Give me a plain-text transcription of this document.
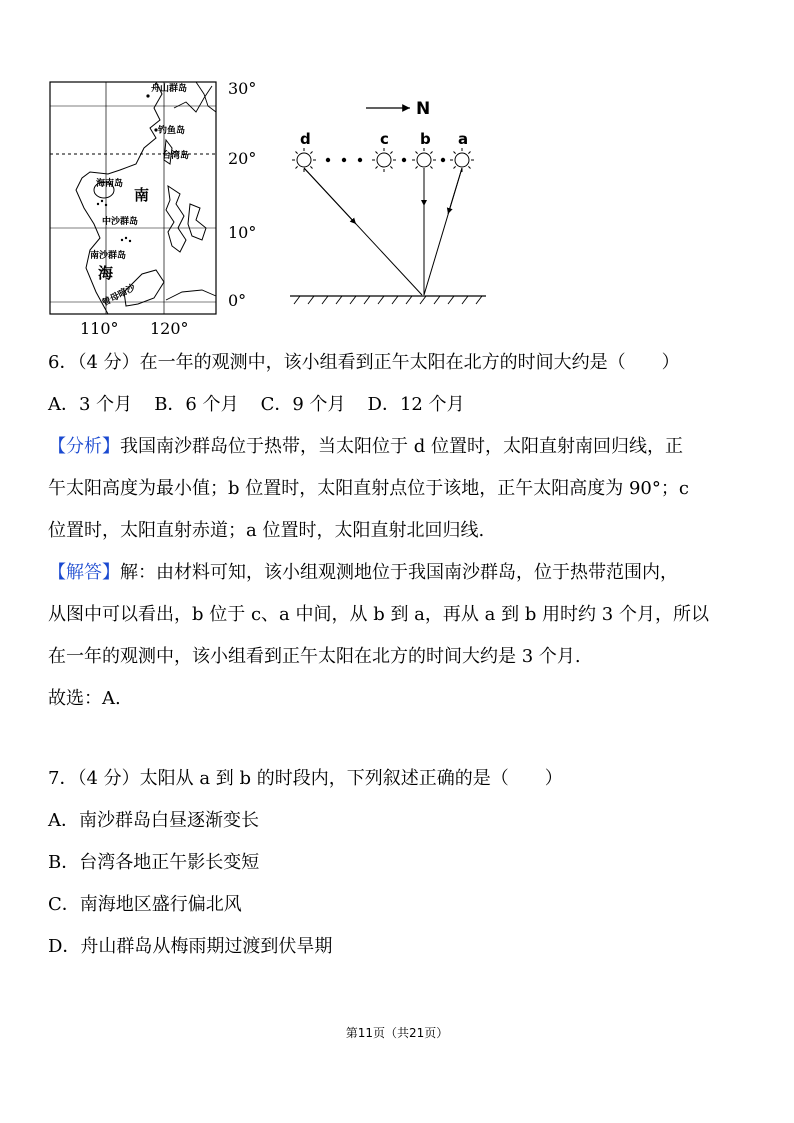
舟山群岛
钓鱼岛
台湾岛
海南岛
南
中沙群岛
南沙群岛
海
曾母暗沙
30°
20°
10°
0°
110° 120°
N
d	c b a
6．（4 分）在一年的观测中，该小组看到正午太阳在北方的时间大约是（　　）
A．3 个月 B．6 个月 C．9 个月 D．12 个月
【分析】我国南沙群岛位于热带，当太阳位于 d 位置时，太阳直射南回归线，正
午太阳高度为最小值；b 位置时，太阳直射点位于该地，正午太阳高度为 90°；c
位置时，太阳直射赤道；a 位置时，太阳直射北回归线.
【解答】解：由材料可知，该小组观测地位于我国南沙群岛，位于热带范围内，
从图中可以看出，b 位于 c、a 中间，从 b 到 a，再从 a 到 b 用时约 3 个月，所以
在一年的观测中，该小组看到正午太阳在北方的时间大约是 3 个月.
故选：A.
7．（4 分）太阳从 a 到 b 的时段内，下列叙述正确的是（　　）
A．南沙群岛白昼逐渐变长
B．台湾各地正午影长变短
C．南海地区盛行偏北风
D．舟山群岛从梅雨期过渡到伏旱期
第11页（共21页）
